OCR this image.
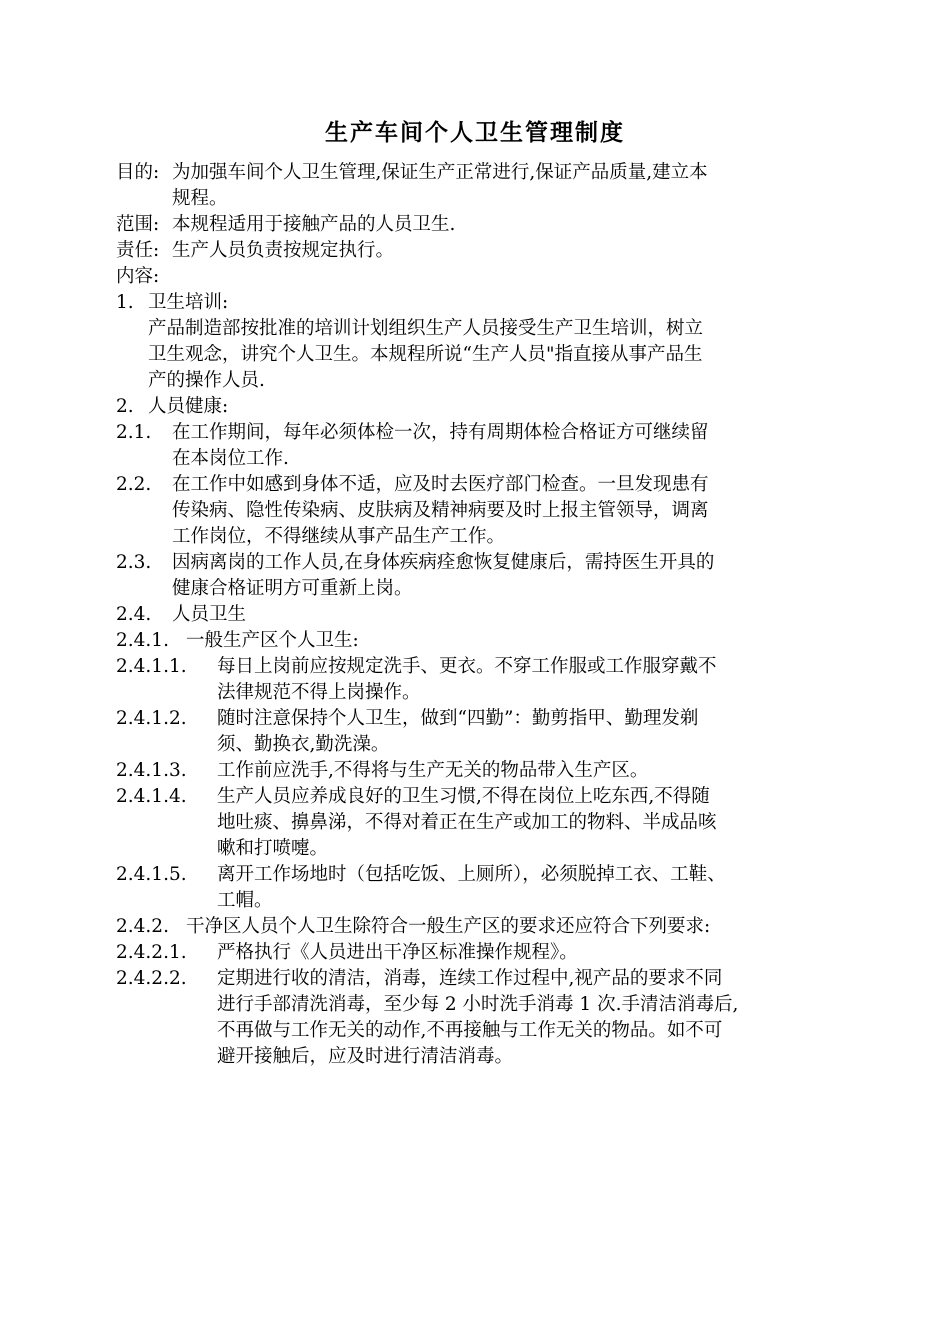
生产车间个人卫生管理制度
目的: 为加强车间个人卫生管理,保证生产正常进行,保证产品质量,建立本
规程。
范围: 本规程适用于接触产品的人员卫生.
责任: 生产人员负责按规定执行。
内容:
1. 卫生培训:
产品制造部按批准的培训计划组织生产人员接受生产卫生培训，树立
卫生观念，讲究个人卫生。本规程所说“生产人员"指直接从事产品生
产的操作人员.
2. 人员健康:
2.1.	在工作期间，每年必须体检一次，持有周期体检合格证方可继续留
在本岗位工作.
2.2.	在工作中如感到身体不适，应及时去医疗部门检查。一旦发现患有
传染病、隐性传染病、皮肤病及精神病要及时上报主管领导，调离
工作岗位，不得继续从事产品生产工作。
2.3.	因病离岗的工作人员,在身体疾病痊愈恢复健康后，需持医生开具的
健康合格证明方可重新上岗。
2.4.	人员卫生
2.4.1. 一般生产区个人卫生:
2.4.1.1.	每日上岗前应按规定洗手、更衣。不穿工作服或工作服穿戴不
法律规范不得上岗操作。
2.4.1.2.	随时注意保持个人卫生，做到“四勤”：勤剪指甲、勤理发剃
须、勤换衣,勤洗澡。
2.4.1.3.	工作前应洗手,不得将与生产无关的物品带入生产区。
2.4.1.4.	生产人员应养成良好的卫生习惯,不得在岗位上吃东西,不得随
地吐痰、擤鼻涕，不得对着正在生产或加工的物料、半成品咳
嗽和打喷嚏。
2.4.1.5.	离开工作场地时（包括吃饭、上厕所），必须脱掉工衣、工鞋、
工帽。
2.4.2. 干净区人员个人卫生除符合一般生产区的要求还应符合下列要求:
2.4.2.1.	严格执行《人员进出干净区标准操作规程》。
2.4.2.2.	定期进行收的清洁，消毒，连续工作过程中,视产品的要求不同
进行手部清洗消毒，至少每 2 小时洗手消毒 1 次.手清洁消毒后,
不再做与工作无关的动作,不再接触与工作无关的物品。如不可
避开接触后，应及时进行清洁消毒。
